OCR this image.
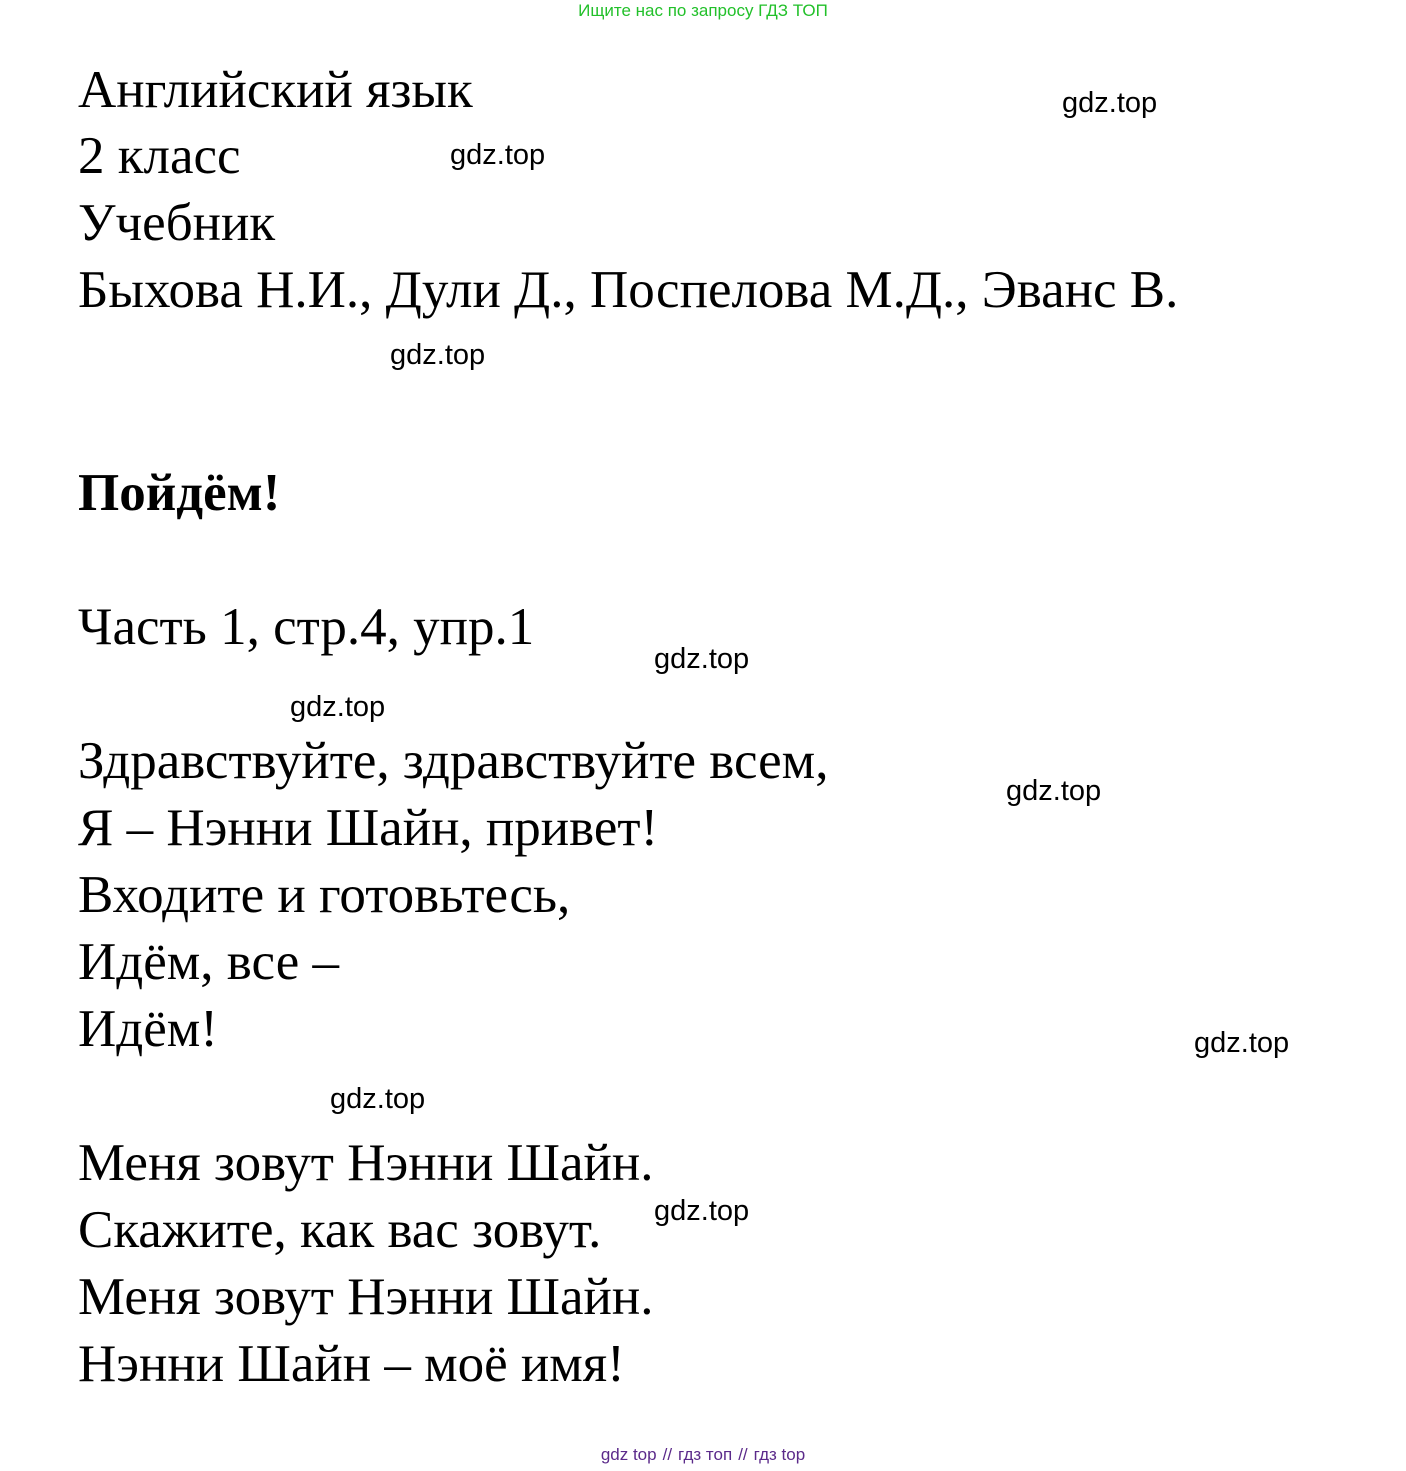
Ищите нас по запросу ГДЗ ТОП
Английский язык
2 класс
Учебник
Быхова Н.И., Дули Д., Поспелова М.Д., Эванс В.
Пойдём!
Часть 1, стр.4, упр.1
Здравствуйте, здравствуйте всем,
Я – Нэнни Шайн, привет!
Входите и готовьтесь,
Идём, все –
Идём!
Меня зовут Нэнни Шайн.
Скажите, как вас зовут.
Меня зовут Нэнни Шайн.
Нэнни Шайн – моё имя!
gdz.top
gdz.top
gdz.top
gdz.top
gdz.top
gdz.top
gdz.top
gdz.top
gdz.top
gdz top // гдз топ // гдз top
